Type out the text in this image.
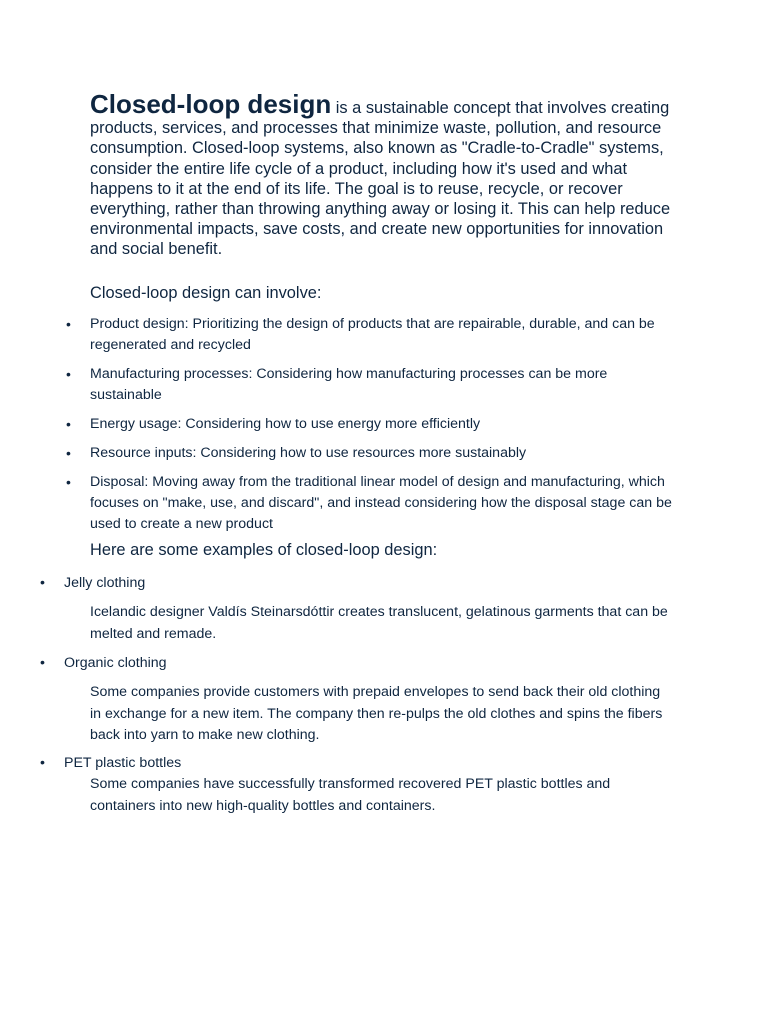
Closed-loop design is a sustainable concept that involves creating products, services, and processes that minimize waste, pollution, and resource consumption. Closed-loop systems, also known as "Cradle-to-Cradle" systems, consider the entire life cycle of a product, including how it's used and what happens to it at the end of its life. The goal is to reuse, recycle, or recover everything, rather than throwing anything away or losing it. This can help reduce environmental impacts, save costs, and create new opportunities for innovation and social benefit.

Closed-loop design can involve:

• Product design: Prioritizing the design of products that are repairable, durable, and can be regenerated and recycled
• Manufacturing processes: Considering how manufacturing processes can be more sustainable
• Energy usage: Considering how to use energy more efficiently
• Resource inputs: Considering how to use resources more sustainably
• Disposal: Moving away from the traditional linear model of design and manufacturing, which focuses on "make, use, and discard", and instead considering how the disposal stage can be used to create a new product

Here are some examples of closed-loop design:

• Jelly clothing

Icelandic designer Valdís Steinarsdóttir creates translucent, gelatinous garments that can be melted and remade.

• Organic clothing

Some companies provide customers with prepaid envelopes to send back their old clothing in exchange for a new item. The company then re-pulps the old clothes and spins the fibers back into yarn to make new clothing.

• PET plastic bottles

Some companies have successfully transformed recovered PET plastic bottles and containers into new high-quality bottles and containers.
